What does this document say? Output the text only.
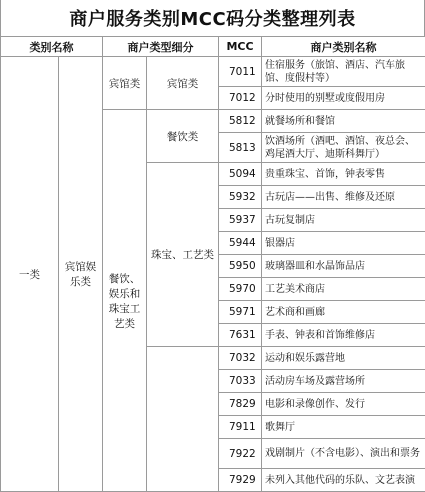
商户服务类别MCC码分类整理列表
类别名称		商户类型细分		MCC	商户类别名称
一类	宾馆娱乐类	宾馆类	宾馆类	7011	住宿服务（旅馆、酒店、汽车旅馆、度假村等）
				7012	分时使用的别墅或度假用房
		餐饮、娱乐和珠宝工艺类	餐饮类	5812	就餐场所和餐馆
				5813	饮酒场所（酒吧、酒馆、夜总会、鸡尾酒大厅、迪斯科舞厅）
			珠宝、工艺类	5094	贵重珠宝、首饰，钟表零售
				5932	古玩店——出售、维修及还原
				5937	古玩复制店
				5944	银器店
				5950	玻璃器皿和水晶饰品店
				5970	工艺美术商店
				5971	艺术商和画廊
				7631	手表、钟表和首饰维修店
				7032	运动和娱乐露营地
				7033	活动房车场及露营场所
				7829	电影和录像创作、发行
				7911	歌舞厅
				7922	戏剧制片（不含电影）、演出和票务
				7929	未列入其他代码的乐队、文艺表演
